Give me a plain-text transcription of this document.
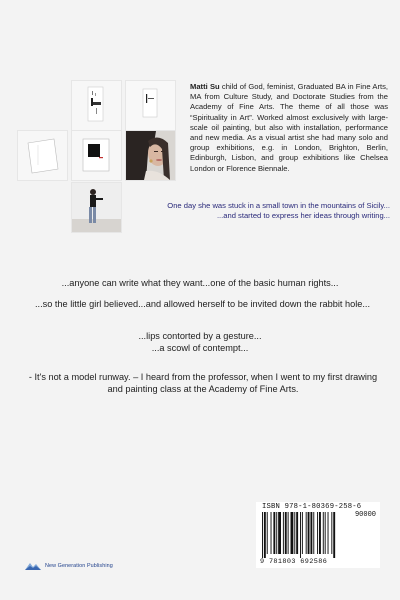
Matti Su child of God, feminist, Graduated BA in Fine Arts, MA from Culture Study, and Doctorate Studies from the Academy of Fine Arts. The theme of all those was “Spirituality in Art”. Worked almost exclusively with large-scale oil painting, but also with installation, performance and new media. As a visual artist she had many solo and group exhibitions, e.g. in London, Brighton, Berlin, Edinburgh, Lisbon, and group exhibitions like Chelsea London or Florence Biennale.
One day she was stuck in a small town in the mountains of Sicily...
...and started to express her ideas through writing...
...anyone can write what they want...one of the basic human rights...
...so the little girl believed...and allowed herself to be invited down the rabbit hole...
...lips contorted by a gesture...
...a scowl of contempt...
- It's not a model runway. – I heard from the professor, when I went to my first drawing and painting class at the Academy of Fine Arts.
ISBN 978-1-80369-258-6
90000
9 781803 692586
New Generation Publishing
